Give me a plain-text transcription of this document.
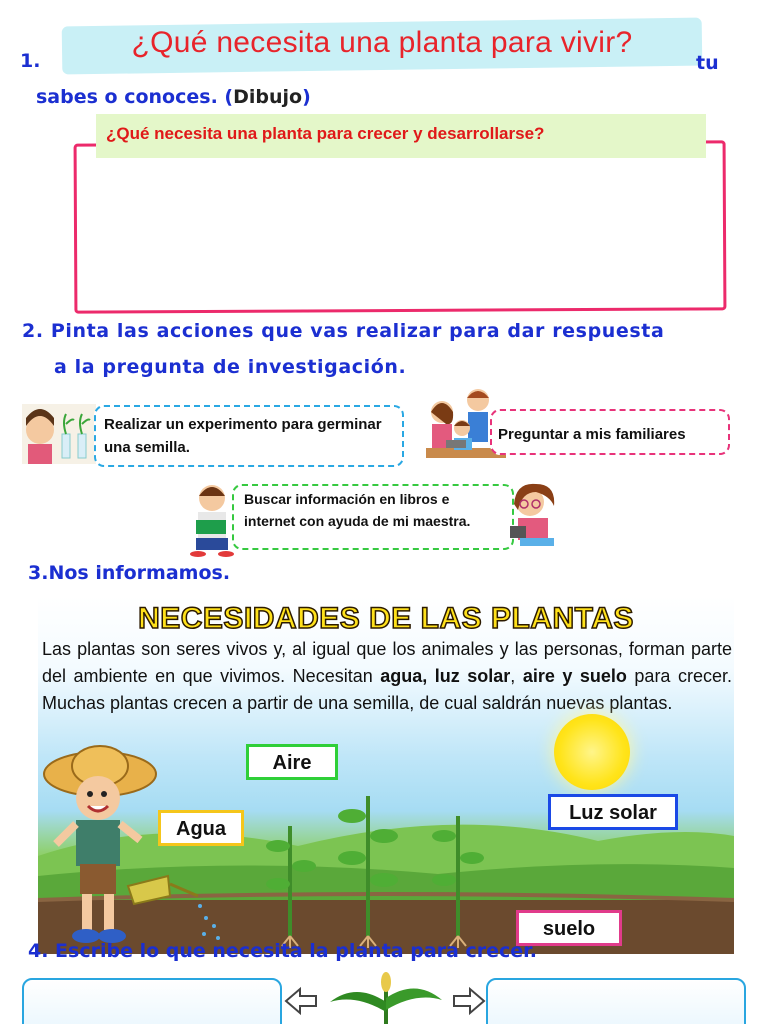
¿Qué necesita una planta para vivir?
1.	tu
sabes o conoces. (Dibujo)
¿Qué necesita una planta para crecer y desarrollarse?
2. Pinta las acciones que vas realizar para dar respuesta
a la pregunta de investigación.
Realizar un experimento para germinar una semilla.
Preguntar a mis familiares
Buscar información en libros e internet con ayuda de mi maestra.
3.Nos informamos.
NECESIDADES DE LAS PLANTAS
Las plantas son seres vivos y, al igual que los animales y las personas, forman parte del ambiente en que vivimos. Necesitan agua, luz solar, aire y suelo para crecer. Muchas plantas crecen a partir de una semilla, de cual saldrán nuevas plantas.
Aire
Agua
Luz solar
suelo
4. Escribe lo que necesita la planta para crecer.
